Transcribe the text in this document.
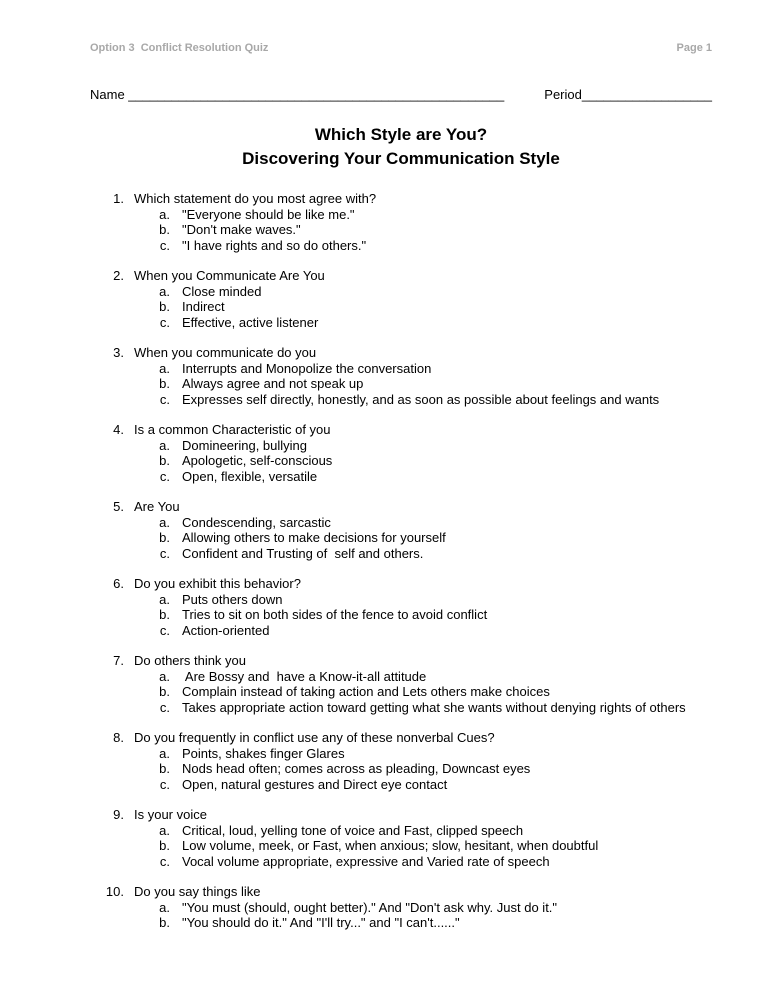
Option 3  Conflict Resolution Quiz	Page 1
Name ____________________________________________________	Period__________________
Which Style are You?
Discovering Your Communication Style
1. Which statement do you most agree with?
a. "Everyone should be like me."
b. "Don't make waves."
c. "I have rights and so do others."
2. When you Communicate Are You
a. Close minded
b. Indirect
c. Effective, active listener
3. When you communicate do you
a. Interrupts and Monopolize the conversation
b. Always agree and not speak up
c. Expresses self directly, honestly, and as soon as possible about feelings and wants
4. Is a common Characteristic of you
a. Domineering, bullying
b. Apologetic, self-conscious
c. Open, flexible, versatile
5. Are You
a. Condescending, sarcastic
b. Allowing others to make decisions for yourself
c. Confident and Trusting of  self and others.
6. Do you exhibit this behavior?
a. Puts others down
b. Tries to sit on both sides of the fence to avoid conflict
c. Action-oriented
7. Do others think you
a. Are Bossy and  have a Know-it-all attitude
b. Complain instead of taking action and Lets others make choices
c. Takes appropriate action toward getting what she wants without denying rights of others
8. Do you frequently in conflict use any of these nonverbal Cues?
a. Points, shakes finger Glares
b. Nods head often; comes across as pleading, Downcast eyes
c. Open, natural gestures and Direct eye contact
9. Is your voice
a. Critical, loud, yelling tone of voice and Fast, clipped speech
b. Low volume, meek, or Fast, when anxious; slow, hesitant, when doubtful
c. Vocal volume appropriate, expressive and Varied rate of speech
10. Do you say things like
a. "You must (should, ought better)." And "Don't ask why. Just do it."
b. "You should do it." And "I'll try..." and "I can't......"
